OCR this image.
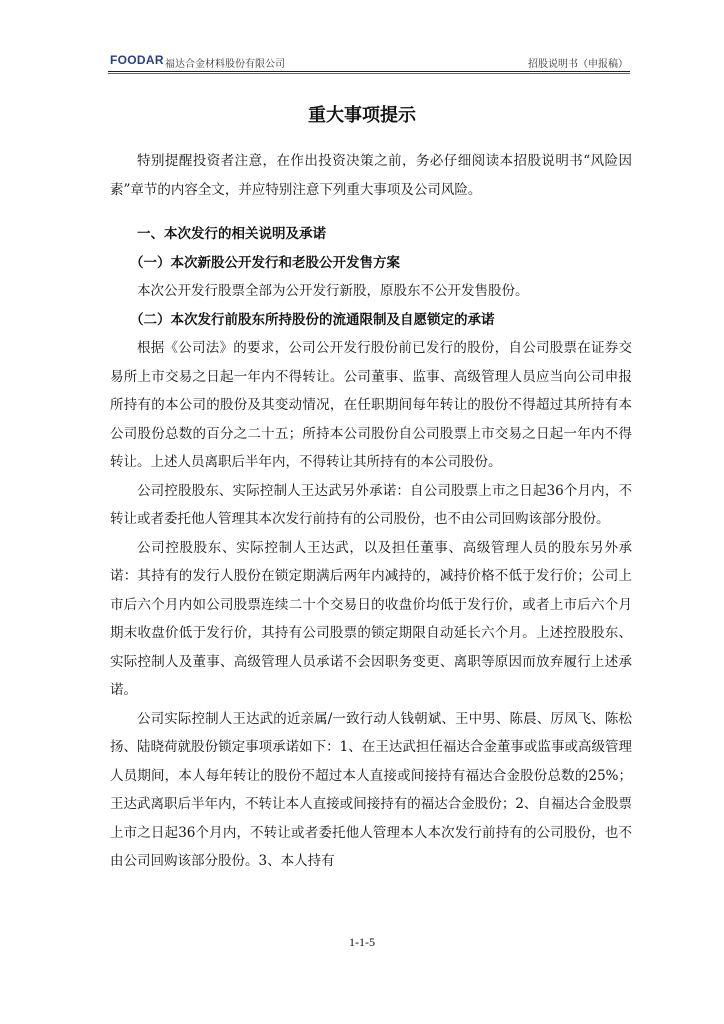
FOODAR 福达合金材料股份有限公司	招股说明书（申报稿）
重大事项提示

特别提醒投资者注意，在作出投资决策之前，务必仔细阅读本招股说明书“风险因素”章节的内容全文，并应特别注意下列重大事项及公司风险。

一、本次发行的相关说明及承诺

（一）本次新股公开发行和老股公开发售方案

本次公开发行股票全部为公开发行新股，原股东不公开发售股份。

（二）本次发行前股东所持股份的流通限制及自愿锁定的承诺

根据《公司法》的要求，公司公开发行股份前已发行的股份，自公司股票在证券交易所上市交易之日起一年内不得转让。公司董事、监事、高级管理人员应当向公司申报所持有的本公司的股份及其变动情况，在任职期间每年转让的股份不得超过其所持有本公司股份总数的百分之二十五；所持本公司股份自公司股票上市交易之日起一年内不得转让。上述人员离职后半年内，不得转让其所持有的本公司股份。

公司控股股东、实际控制人王达武另外承诺：自公司股票上市之日起36个月内，不转让或者委托他人管理其本次发行前持有的公司股份，也不由公司回购该部分股份。

公司控股股东、实际控制人王达武，以及担任董事、高级管理人员的股东另外承诺：其持有的发行人股份在锁定期满后两年内减持的，减持价格不低于发行价；公司上市后六个月内如公司股票连续二十个交易日的收盘价均低于发行价，或者上市后六个月期末收盘价低于发行价，其持有公司股票的锁定期限自动延长六个月。上述控股股东、实际控制人及董事、高级管理人员承诺不会因职务变更、离职等原因而放弃履行上述承诺。

公司实际控制人王达武的近亲属/一致行动人钱朝斌、王中男、陈晨、厉凤飞、陈松扬、陆晓荷就股份锁定事项承诺如下：1、在王达武担任福达合金董事或监事或高级管理人员期间，本人每年转让的股份不超过本人直接或间接持有福达合金股份总数的25%；王达武离职后半年内，不转让本人直接或间接持有的福达合金股份；2、自福达合金股票上市之日起36个月内，不转让或者委托他人管理本人本次发行前持有的公司股份，也不由公司回购该部分股份。3、本人持有

1-1-5
